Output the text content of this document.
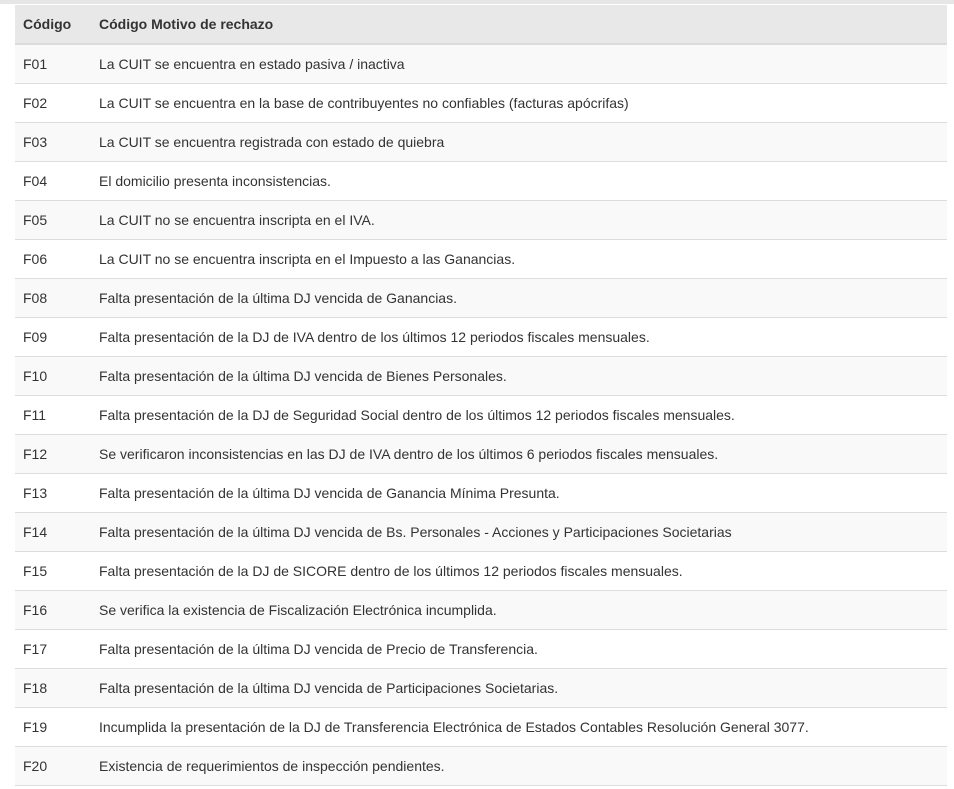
Código	Código Motivo de rechazo
F01	La CUIT se encuentra en estado pasiva / inactiva
F02	La CUIT se encuentra en la base de contribuyentes no confiables (facturas apócrifas)
F03	La CUIT se encuentra registrada con estado de quiebra
F04	El domicilio presenta inconsistencias.
F05	La CUIT no se encuentra inscripta en el IVA.
F06	La CUIT no se encuentra inscripta en el Impuesto a las Ganancias.
F08	Falta presentación de la última DJ vencida de Ganancias.
F09	Falta presentación de la DJ de IVA dentro de los últimos 12 periodos fiscales mensuales.
F10	Falta presentación de la última DJ vencida de Bienes Personales.
F11	Falta presentación de la DJ de Seguridad Social dentro de los últimos 12 periodos fiscales mensuales.
F12	Se verificaron inconsistencias en las DJ de IVA dentro de los últimos 6 periodos fiscales mensuales.
F13	Falta presentación de la última DJ vencida de Ganancia Mínima Presunta.
F14	Falta presentación de la última DJ vencida de Bs. Personales - Acciones y Participaciones Societarias
F15	Falta presentación de la DJ de SICORE dentro de los últimos 12 periodos fiscales mensuales.
F16	Se verifica la existencia de Fiscalización Electrónica incumplida.
F17	Falta presentación de la última DJ vencida de Precio de Transferencia.
F18	Falta presentación de la última DJ vencida de Participaciones Societarias.
F19	Incumplida la presentación de la DJ de Transferencia Electrónica de Estados Contables Resolución General 3077.
F20	Existencia de requerimientos de inspección pendientes.
